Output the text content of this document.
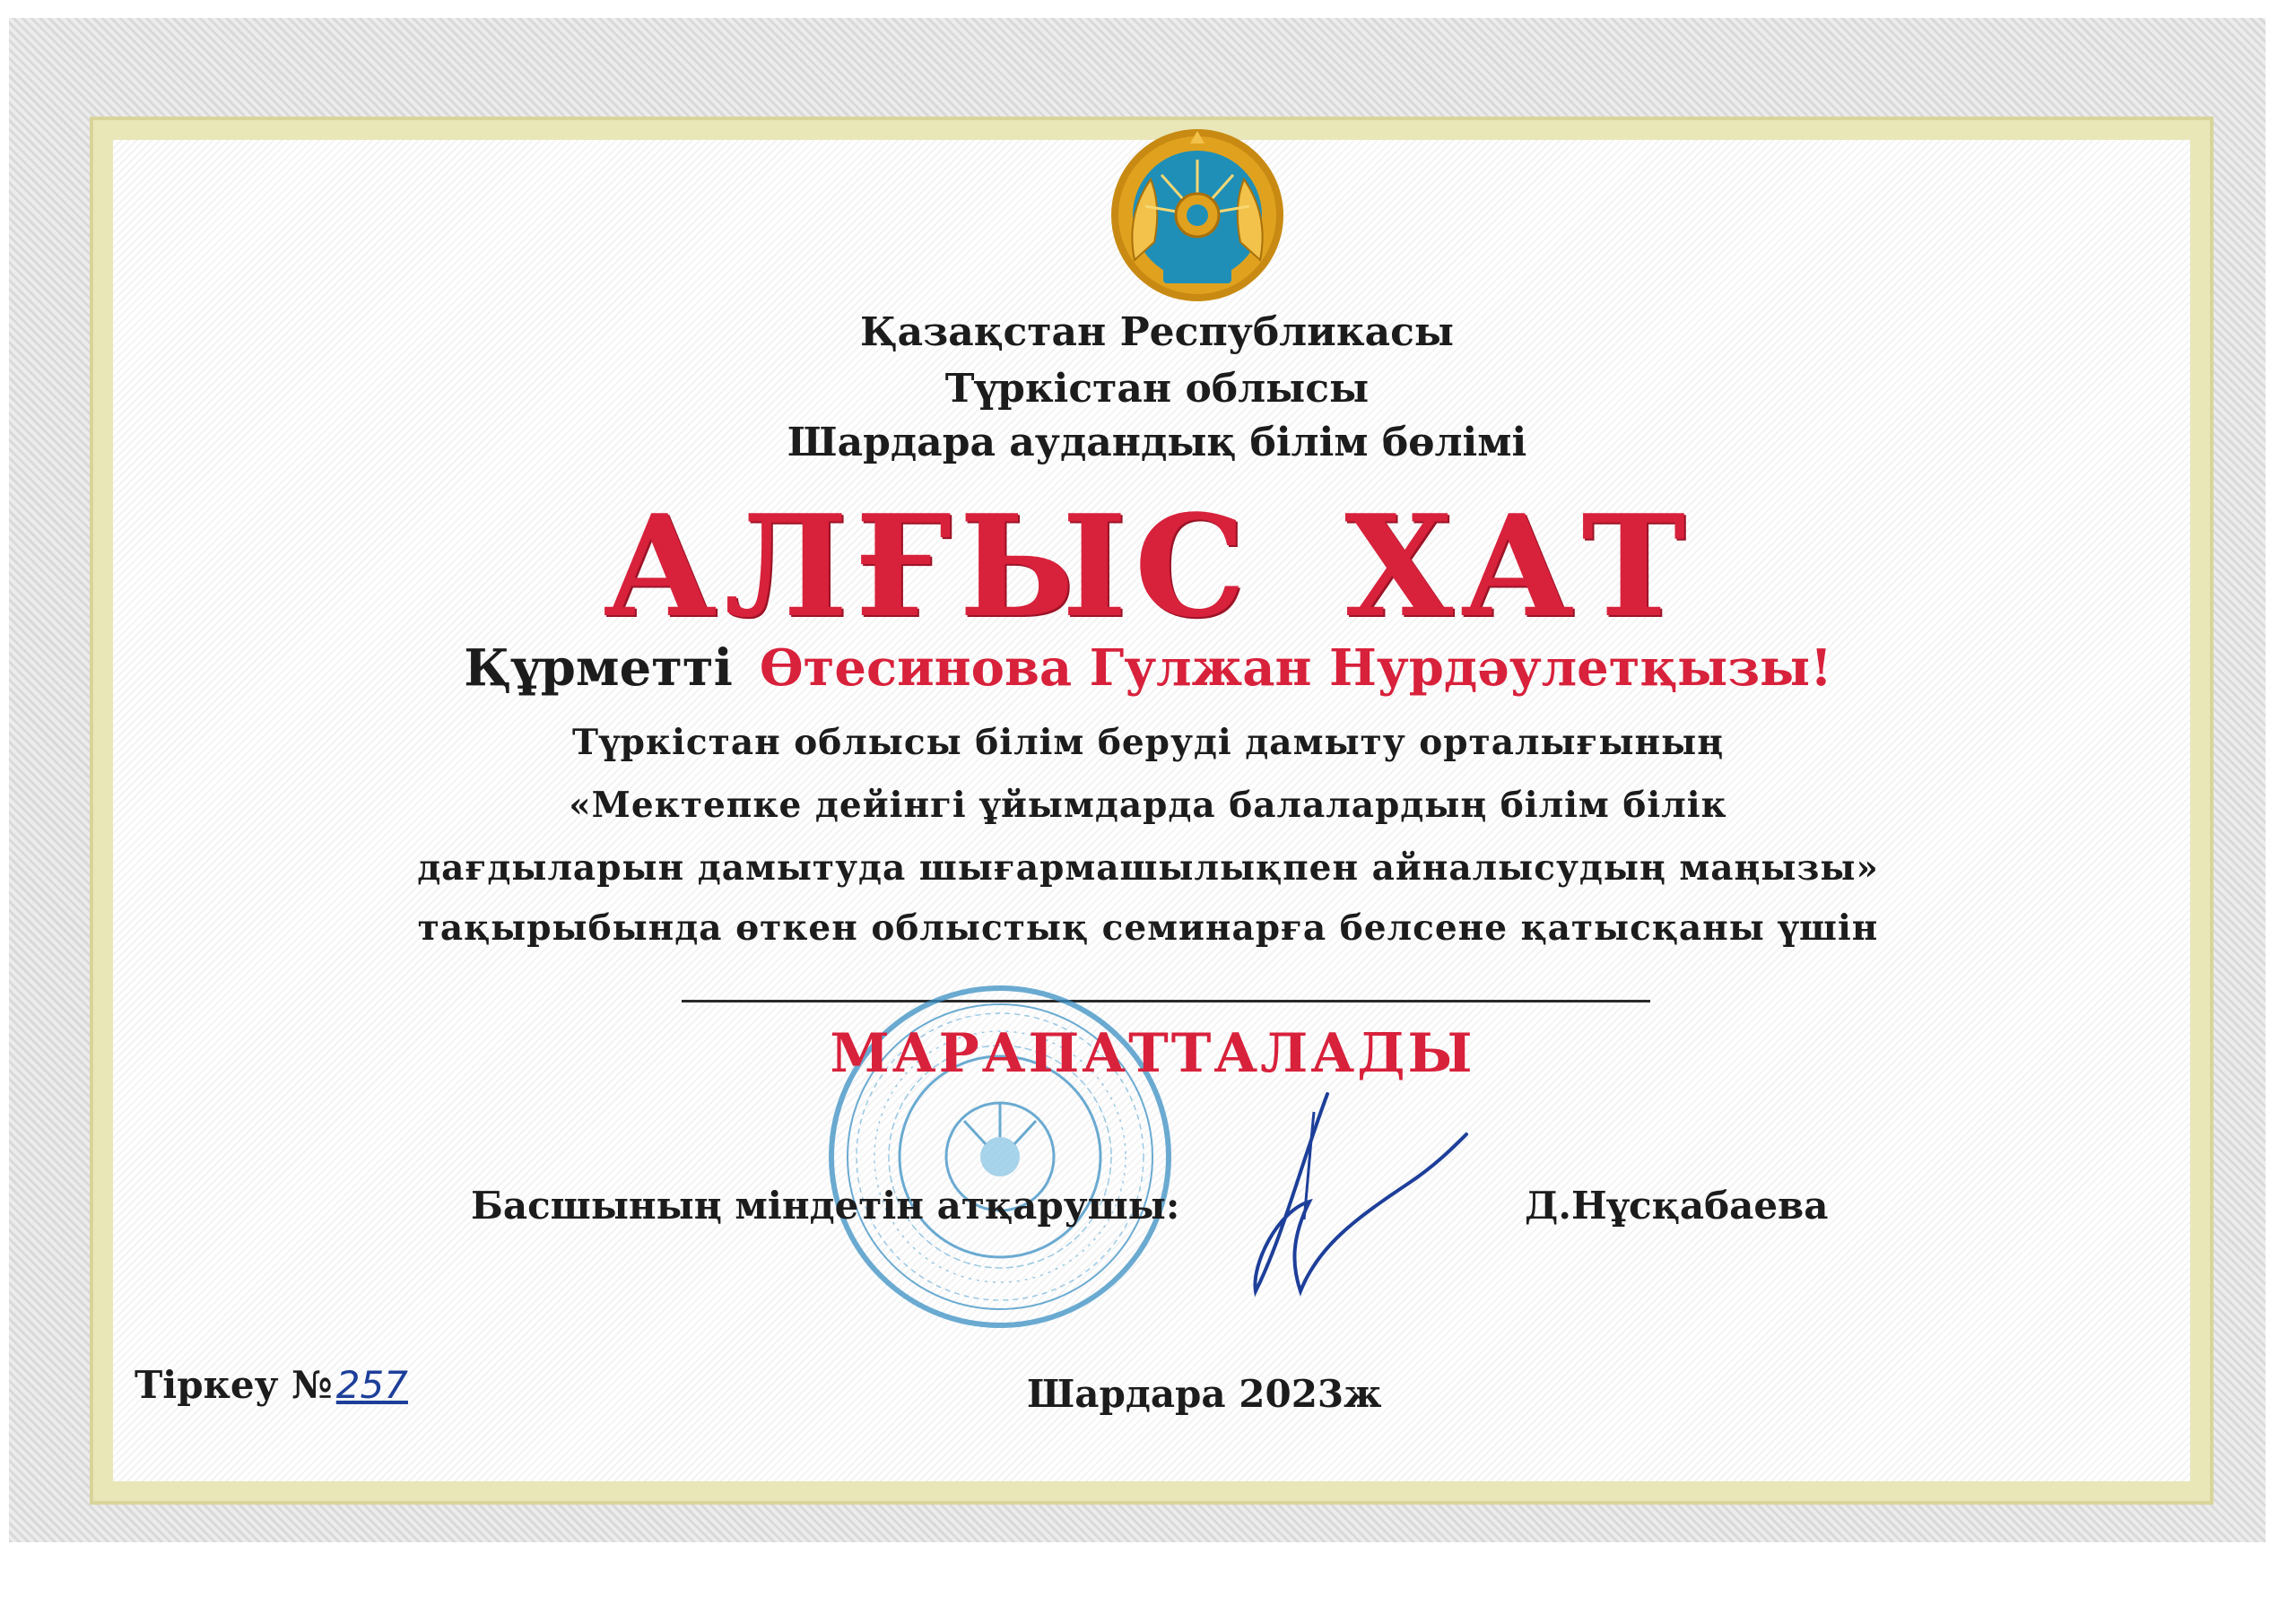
Қазақстан Республикасы
Түркістан облысы
Шардара аудандық білім бөлімі
АЛҒЫС ХАТ
Құрметті Өтесинова Гулжан Нурдәулетқызы!
Түркістан облысы білім беруді дамыту орталығының
«Мектепке дейінгі ұйымдарда балалардың білім білік
дағдыларын дамытуда шығармашылықпен айналысудың маңызы»
тақырыбында өткен облыстық семинарға белсене қатысқаны үшін
МАРАПАТТАЛАДЫ
Басшының міндетін атқарушы:	Д.Нұсқабаева
Тіркеу №257	Шардара 2023ж
